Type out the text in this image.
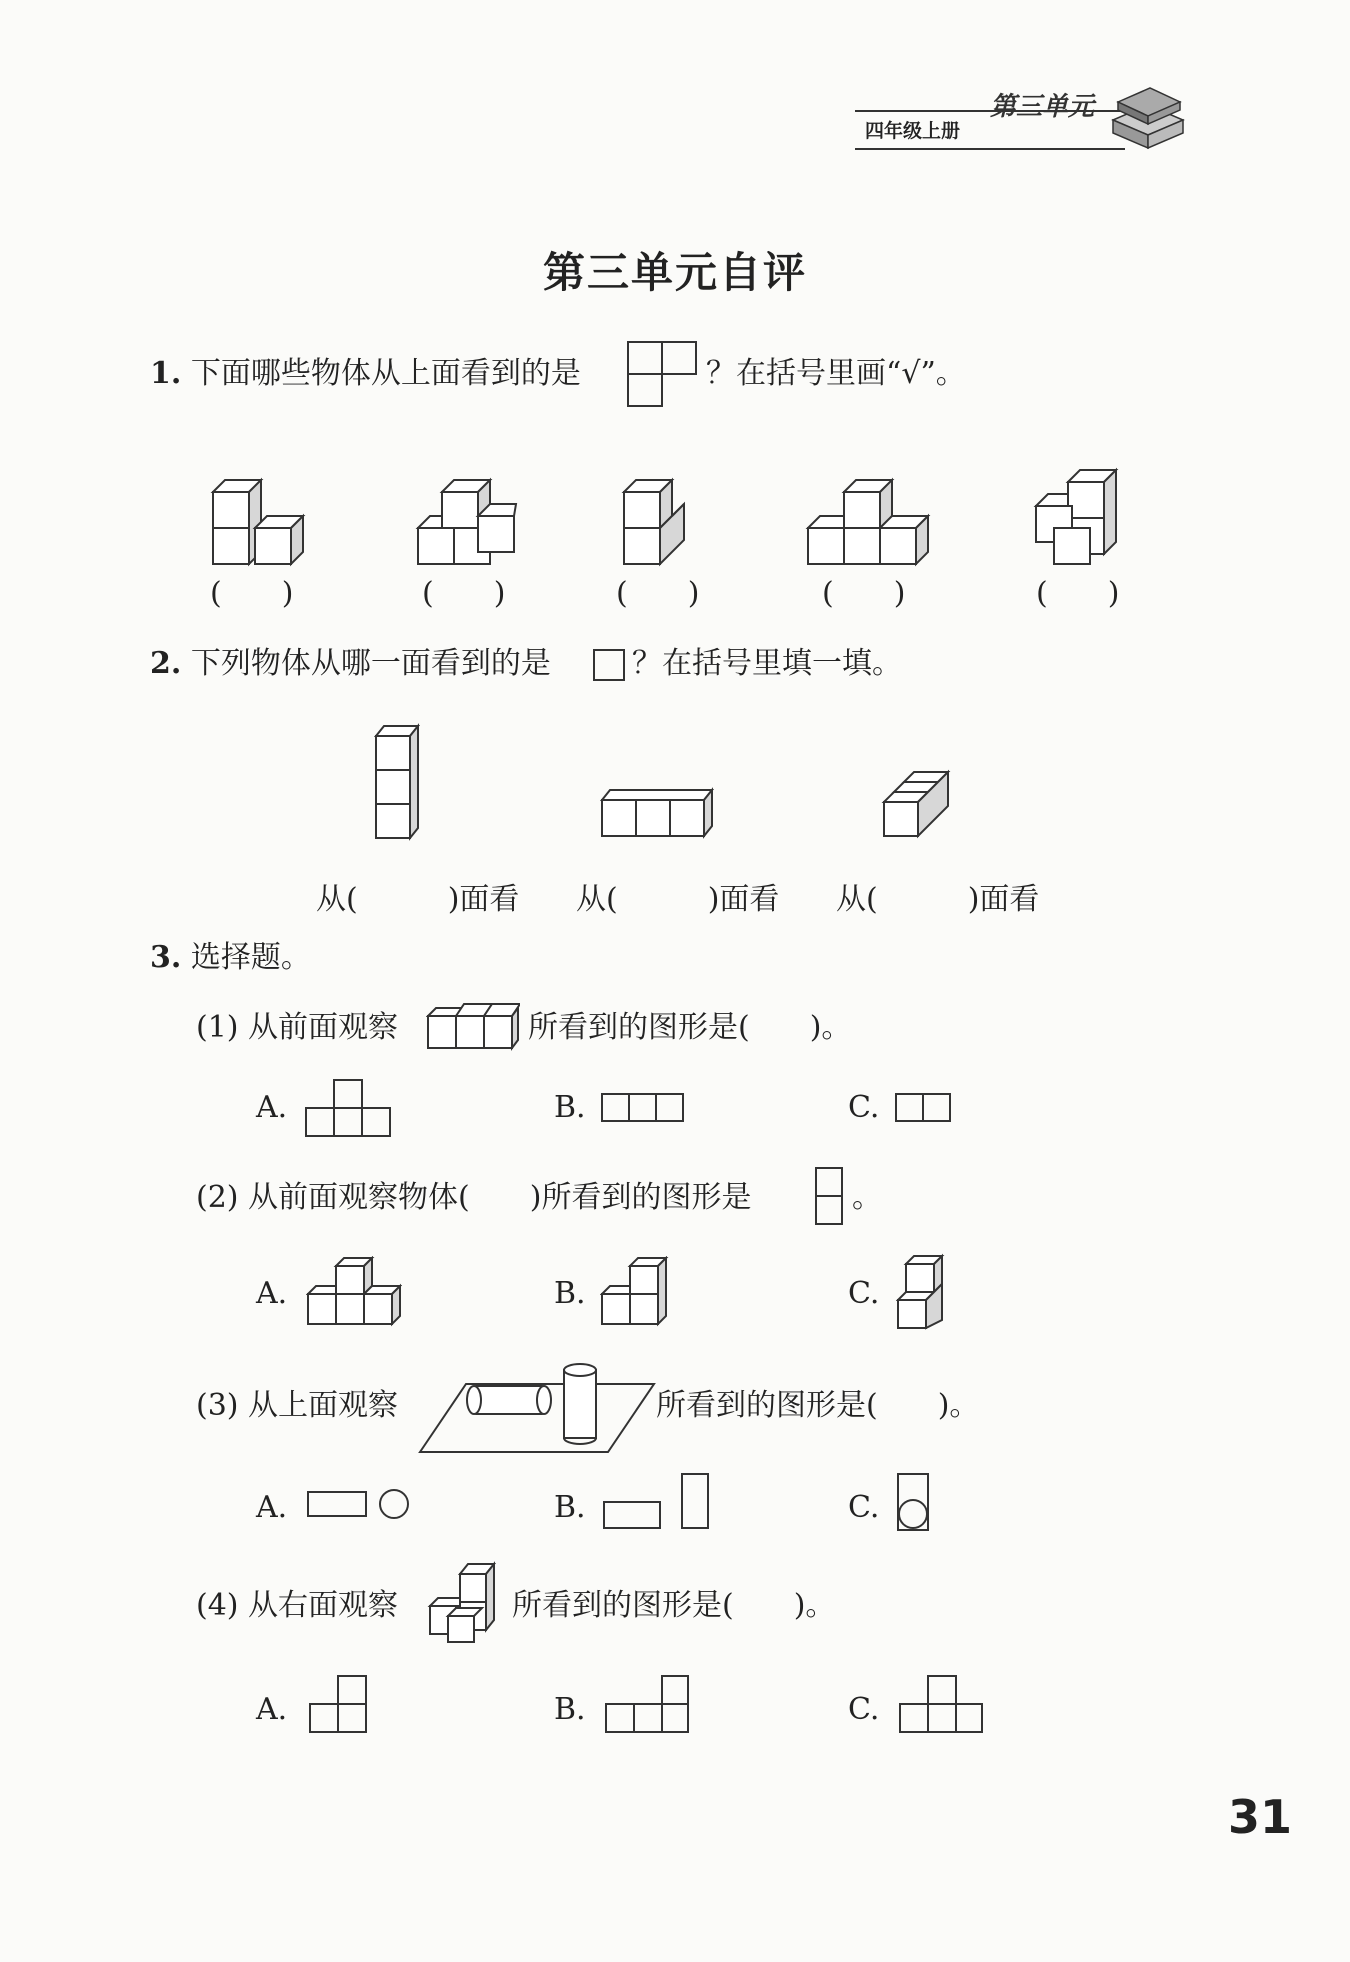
四年级上册
第三单元
第三单元自评
1. 下面哪些物体从上面看到的是	？在括号里画“√”。
(　　)	(　　)	(　　)	(　　)	(　　)
2. 下列物体从哪一面看到的是	？在括号里填一填。
从(　　　)面看 从(　　　)面看 从(　　　)面看
3. 选择题。
(1) 从前面观察	所看到的图形是(　　)。
A.	B.	C.
(2) 从前面观察物体(　　)所看到的图形是	。
A.	B.	C.
(3) 从上面观察	所看到的图形是(　　)。
A.	B.	C.
(4) 从右面观察	所看到的图形是(　　)。
A.	B.	C.
31
